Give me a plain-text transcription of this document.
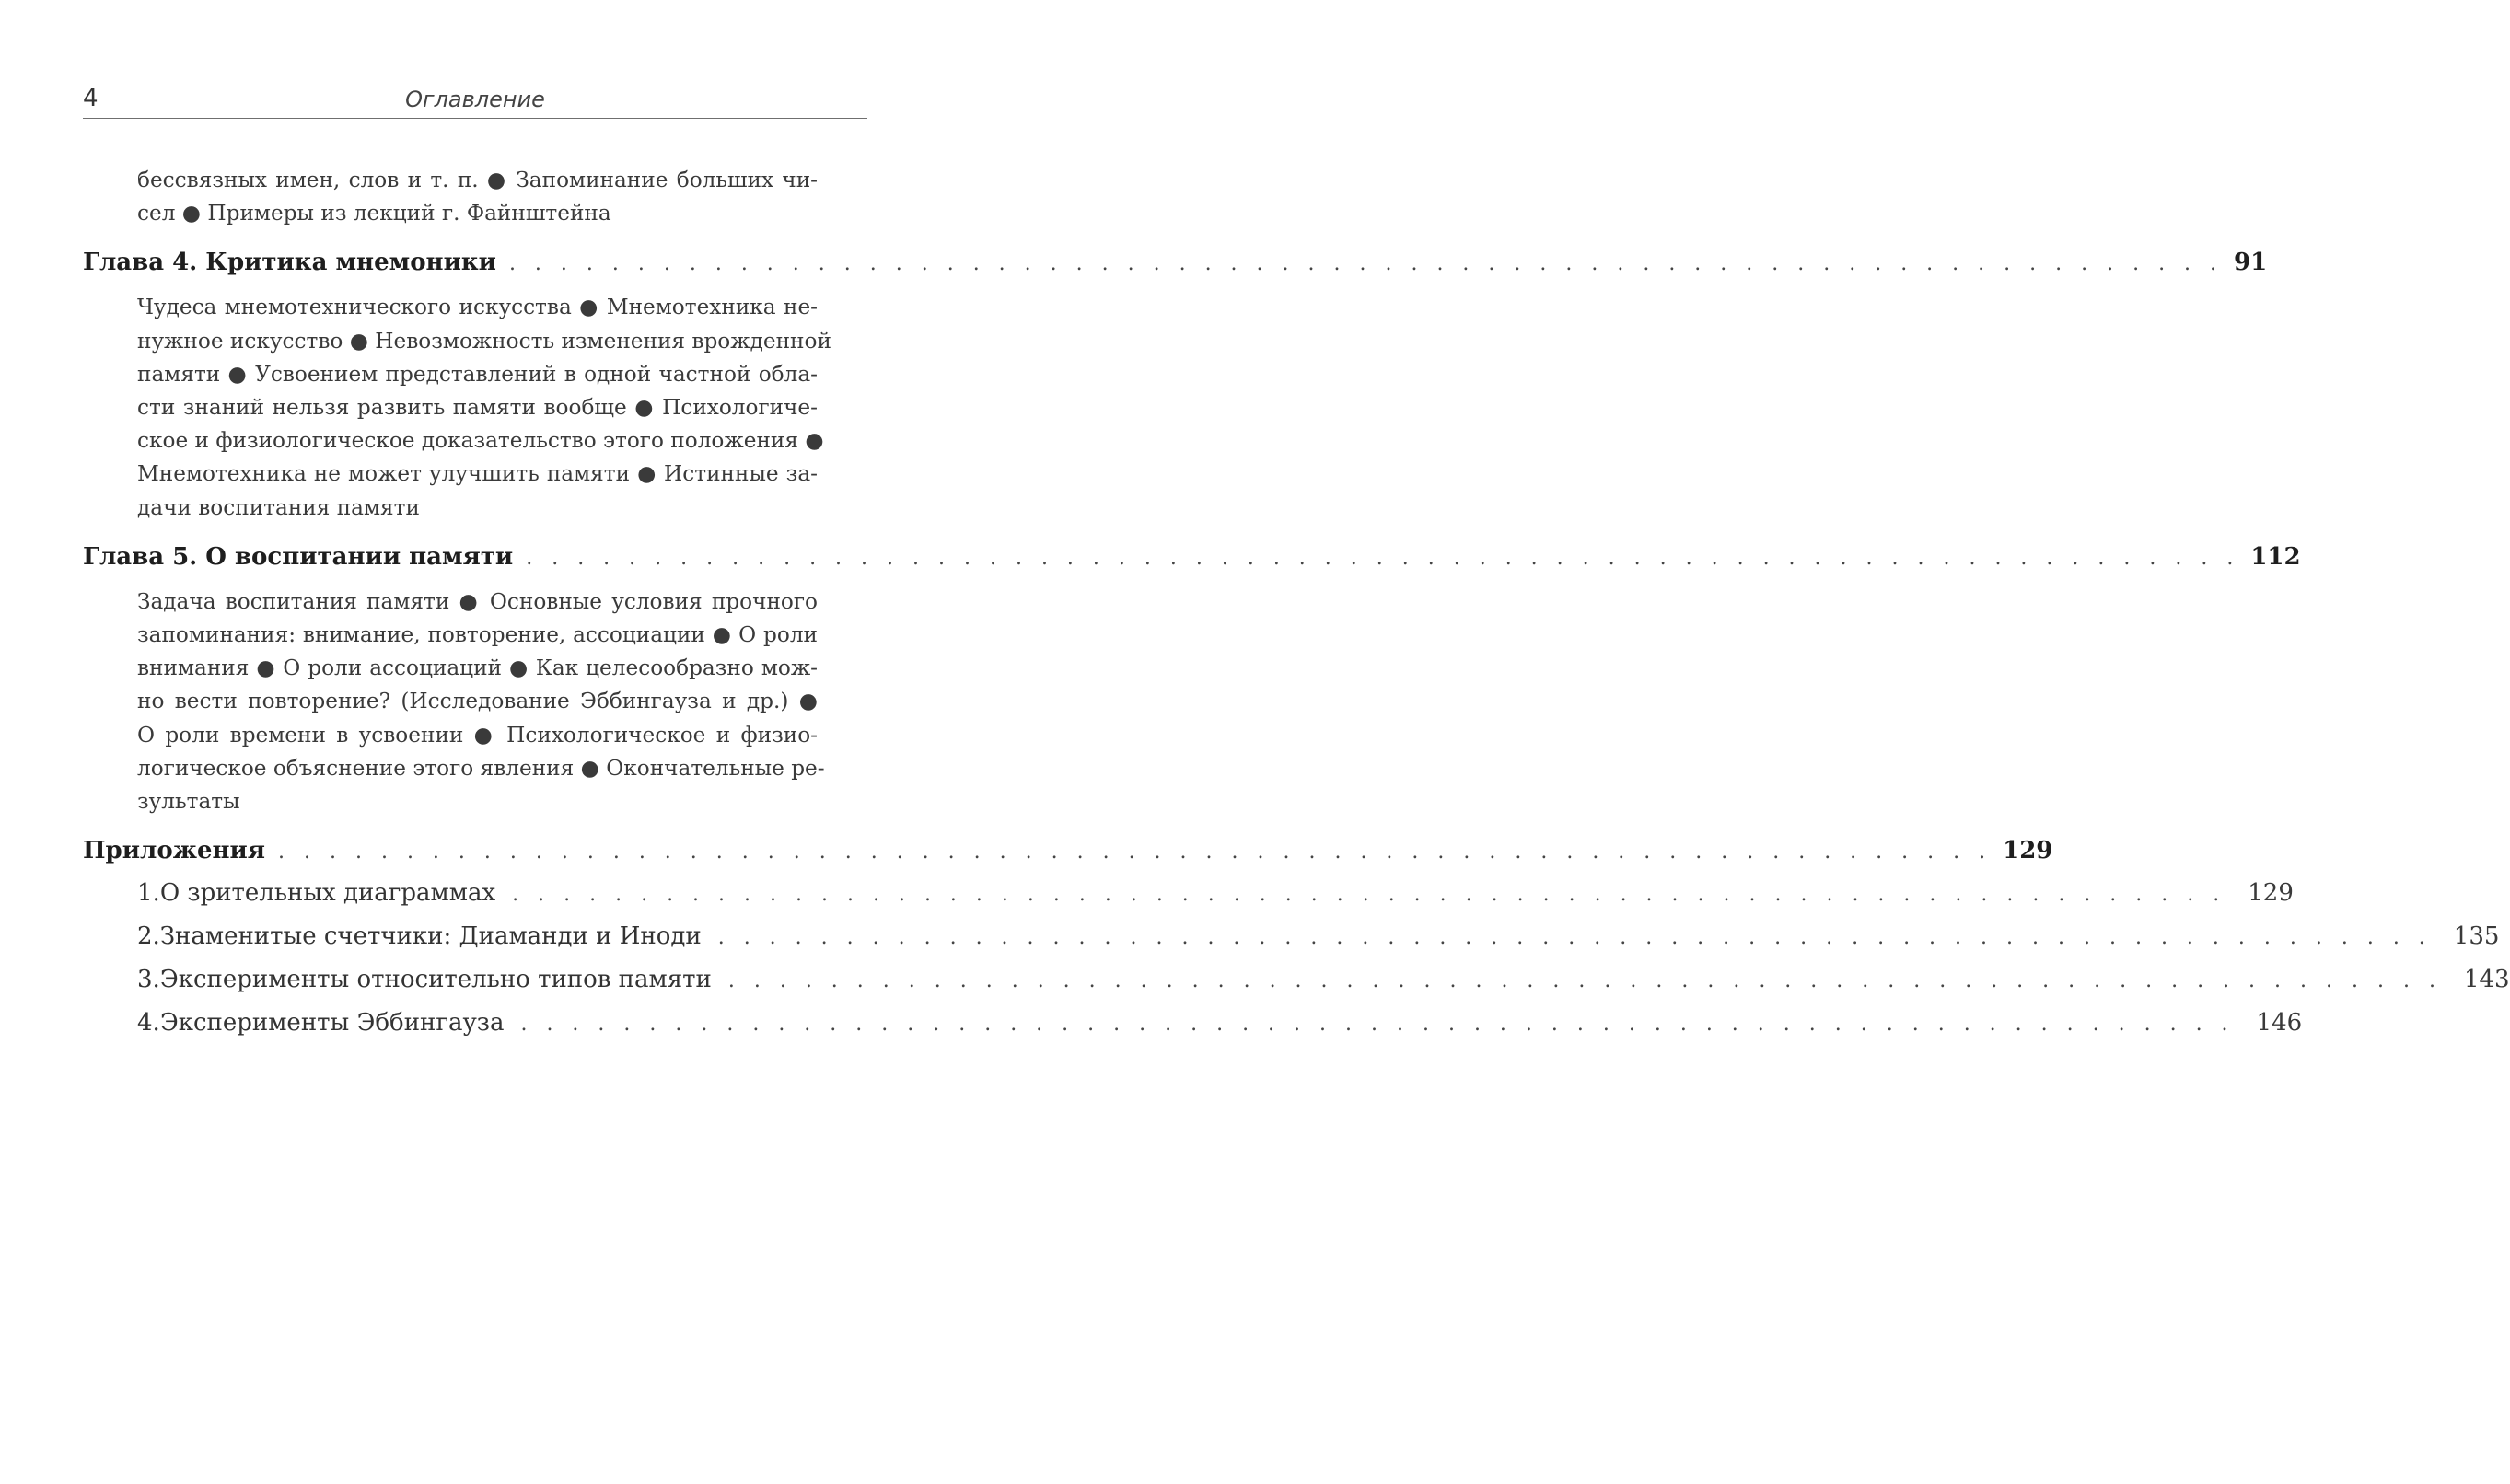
4	Оглавление
бессвязных имен, слов и т. п. ● Запоминание больших чи-
сел ● Примеры из лекций г. Файнштейна
Глава 4. Критика мнемоники . . . . . . . . . . . . . . . . . . . . . . . . . . . . . . . . . . . . . . . . . . . . . . . . . . . . . . . . . . . . . . . . . . . 91
Чудеса мнемотехнического искусства ● Мнемотехника не-
нужное искусство ● Невозможность изменения врожденной
памяти ● Усвоением представлений в одной частной обла-
сти знаний нельзя развить памяти вообще ● Психологиче-
ское и физиологическое доказательство этого положения ●
Мнемотехника не может улучшить памяти ● Истинные за-
дачи воспитания памяти
Глава 5. О воспитании памяти . . . . . . . . . . . . . . . . . . . . . . . . . . . . . . . . . . . . . . . . . . . . . . . . . . . . . . . . . . . . . . . . . . . 112
Задача воспитания памяти ● Основные условия прочного
запоминания: внимание, повторение, ассоциации ● О роли
внимания ● О роли ассоциаций ● Как целесообразно мож-
но вести повторение? (Исследование Эббингауза и др.) ●
О роли времени в усвоении ● Психологическое и физио-
логическое объяснение этого явления ● Окончательные ре-
зультаты
Приложения . . . . . . . . . . . . . . . . . . . . . . . . . . . . . . . . . . . . . . . . . . . . . . . . . . . . . . . . . . . . . . . . . . . 129
1. О зрительных диаграммах . . . . . . . . . . . . . . . . . . . . . . . . . . . . . . . . . . . . . . . . . . . . . . . . . . . . . . . . . . . . . . . . . . . 129
2. Знаменитые счетчики: Диаманди и Иноди . . . . . . . . . . . . . . . . . . . . . . . . . . . . . . . . . . . . . . . . . . . . . . . . . . . . . . . . . . . . . . . . . . . 135
3. Эксперименты относительно типов памяти . . . . . . . . . . . . . . . . . . . . . . . . . . . . . . . . . . . . . . . . . . . . . . . . . . . . . . . . . . . . . . . . . . . 143
4. Эксперименты Эббингауза . . . . . . . . . . . . . . . . . . . . . . . . . . . . . . . . . . . . . . . . . . . . . . . . . . . . . . . . . . . . . . . . . . . 146
